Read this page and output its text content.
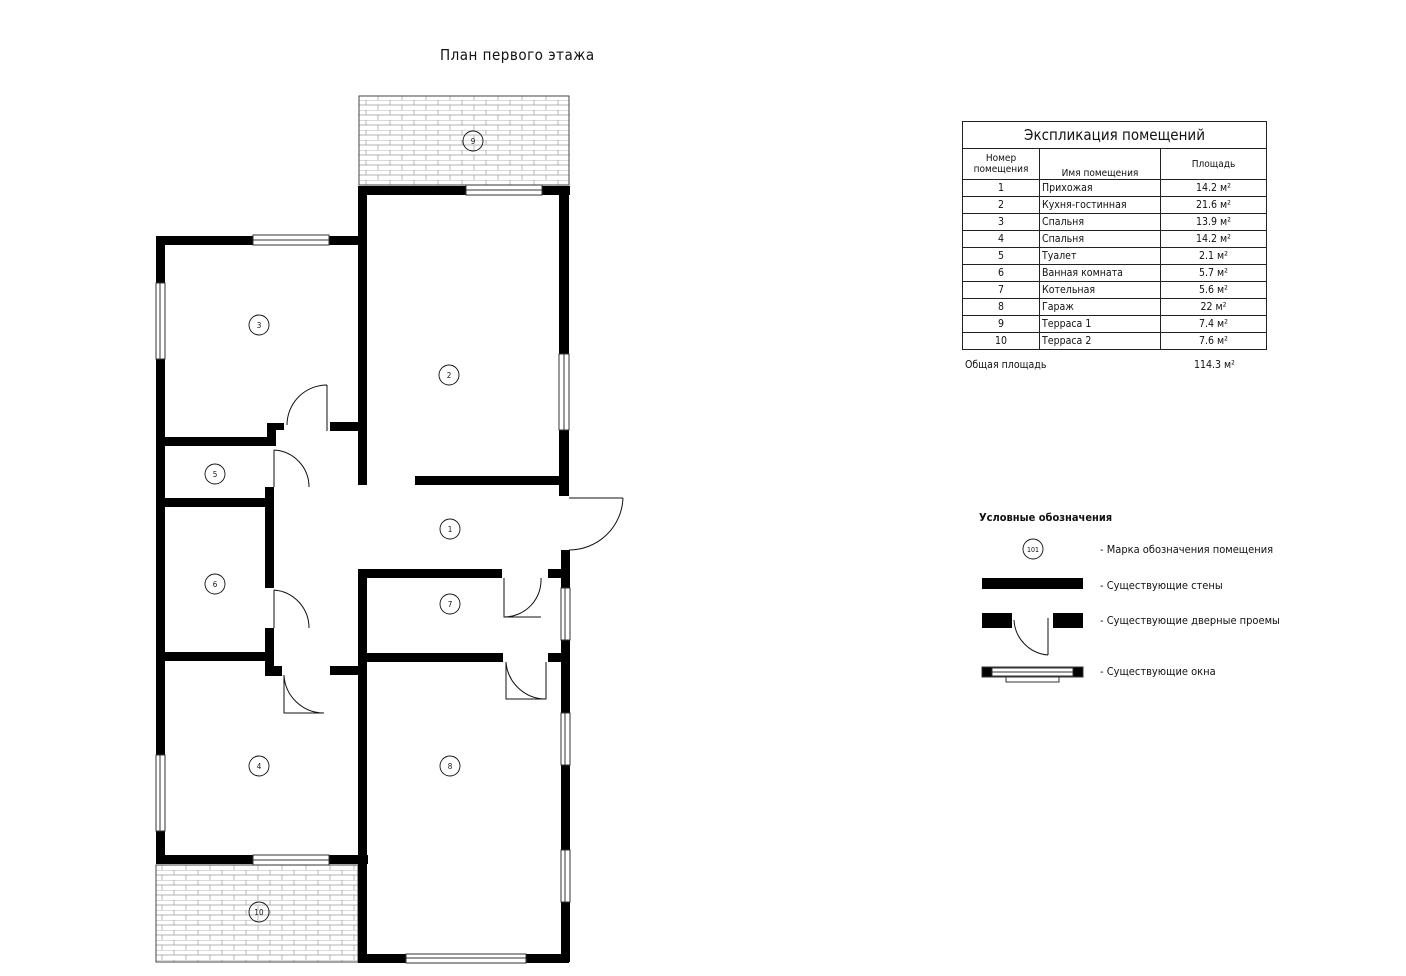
План первого этажа
1
2
3
4
5
6
7
8
9
10
101
Экспликация помещений		
Номер помещения	Имя помещения	Площадь
1	Прихожая	14.2 м²
2	Кухня-гостинная	21.6 м²
3	Спальня	13.9 м²
4	Спальня	14.2 м²
5	Туалет	2.1 м²
6	Ванная комната	5.7 м²
7	Котельная	5.6 м²
8	Гараж	22 м²
9	Терраса 1	7.4 м²
10	Терраса 2	7.6 м²
Общая площадь	114.3 м²
Условные обозначения
- Марка обозначения помещения
- Существующие стены
- Существующие дверные проемы
- Существующие окна
